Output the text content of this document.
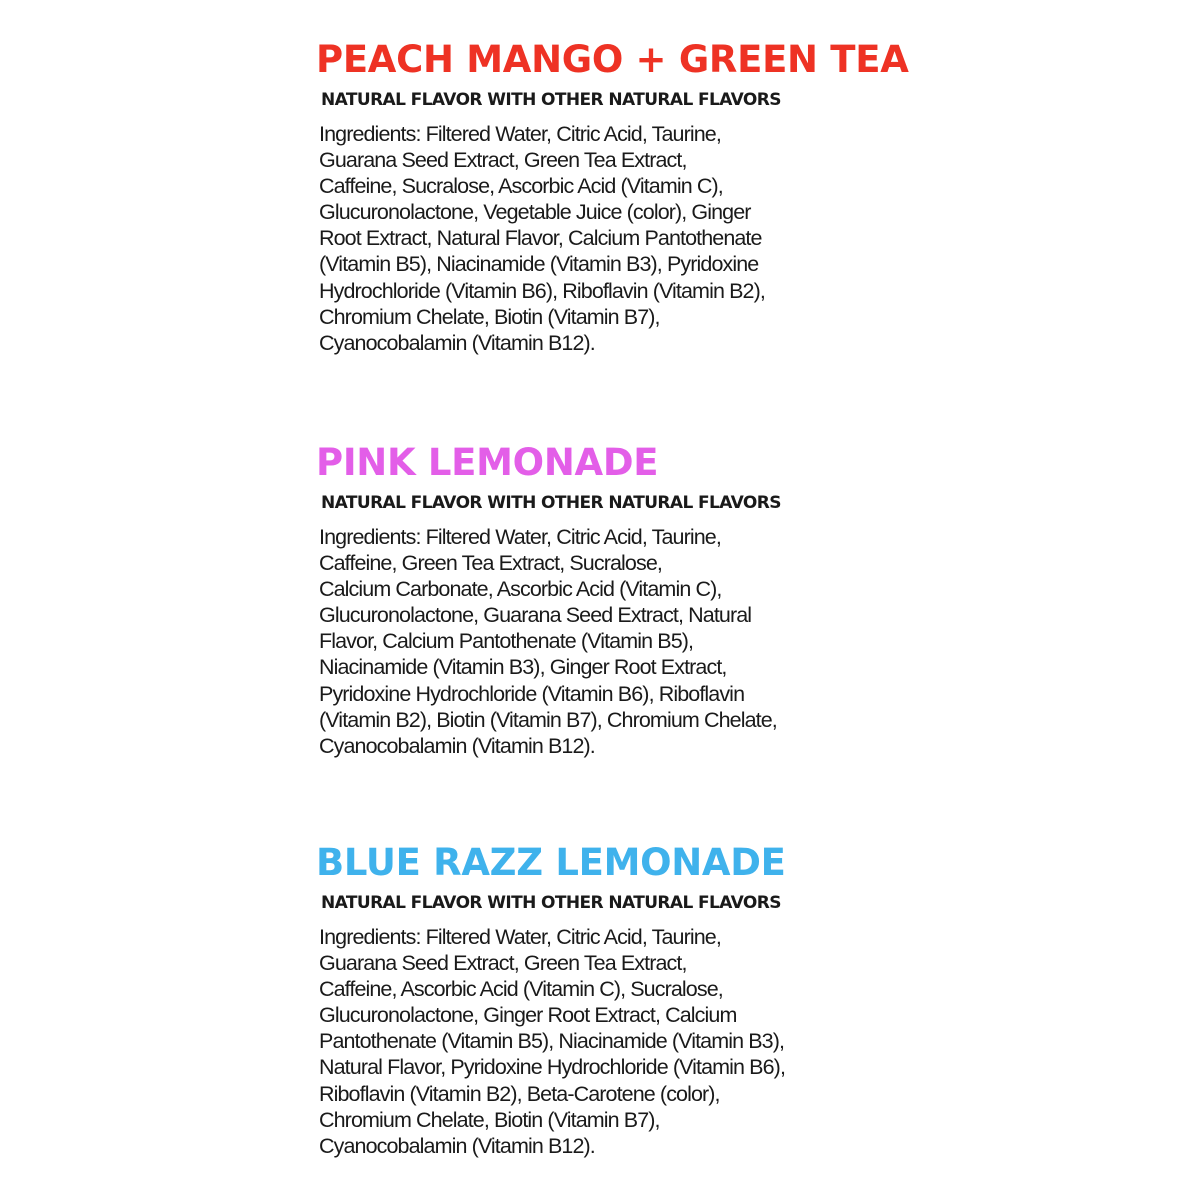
PEACH MANGO + GREEN TEA
NATURAL FLAVOR WITH OTHER NATURAL FLAVORS
Ingredients: Filtered Water, Citric Acid, Taurine,
Guarana Seed Extract, Green Tea Extract,
Caffeine, Sucralose, Ascorbic Acid (Vitamin C),
Glucuronolactone, Vegetable Juice (color), Ginger
Root Extract, Natural Flavor, Calcium Pantothenate
(Vitamin B5), Niacinamide (Vitamin B3), Pyridoxine
Hydrochloride (Vitamin B6), Riboflavin (Vitamin B2),
Chromium Chelate, Biotin (Vitamin B7),
Cyanocobalamin (Vitamin B12).
PINK LEMONADE
NATURAL FLAVOR WITH OTHER NATURAL FLAVORS
Ingredients: Filtered Water, Citric Acid, Taurine,
Caffeine, Green Tea Extract, Sucralose,
Calcium Carbonate, Ascorbic Acid (Vitamin C),
Glucuronolactone, Guarana Seed Extract, Natural
Flavor, Calcium Pantothenate (Vitamin B5),
Niacinamide (Vitamin B3), Ginger Root Extract,
Pyridoxine Hydrochloride (Vitamin B6), Riboflavin
(Vitamin B2), Biotin (Vitamin B7), Chromium Chelate,
Cyanocobalamin (Vitamin B12).
BLUE RAZZ LEMONADE
NATURAL FLAVOR WITH OTHER NATURAL FLAVORS
Ingredients: Filtered Water, Citric Acid, Taurine,
Guarana Seed Extract, Green Tea Extract,
Caffeine, Ascorbic Acid (Vitamin C), Sucralose,
Glucuronolactone, Ginger Root Extract, Calcium
Pantothenate (Vitamin B5), Niacinamide (Vitamin B3),
Natural Flavor, Pyridoxine Hydrochloride (Vitamin B6),
Riboflavin (Vitamin B2), Beta-Carotene (color),
Chromium Chelate, Biotin (Vitamin B7),
Cyanocobalamin (Vitamin B12).
